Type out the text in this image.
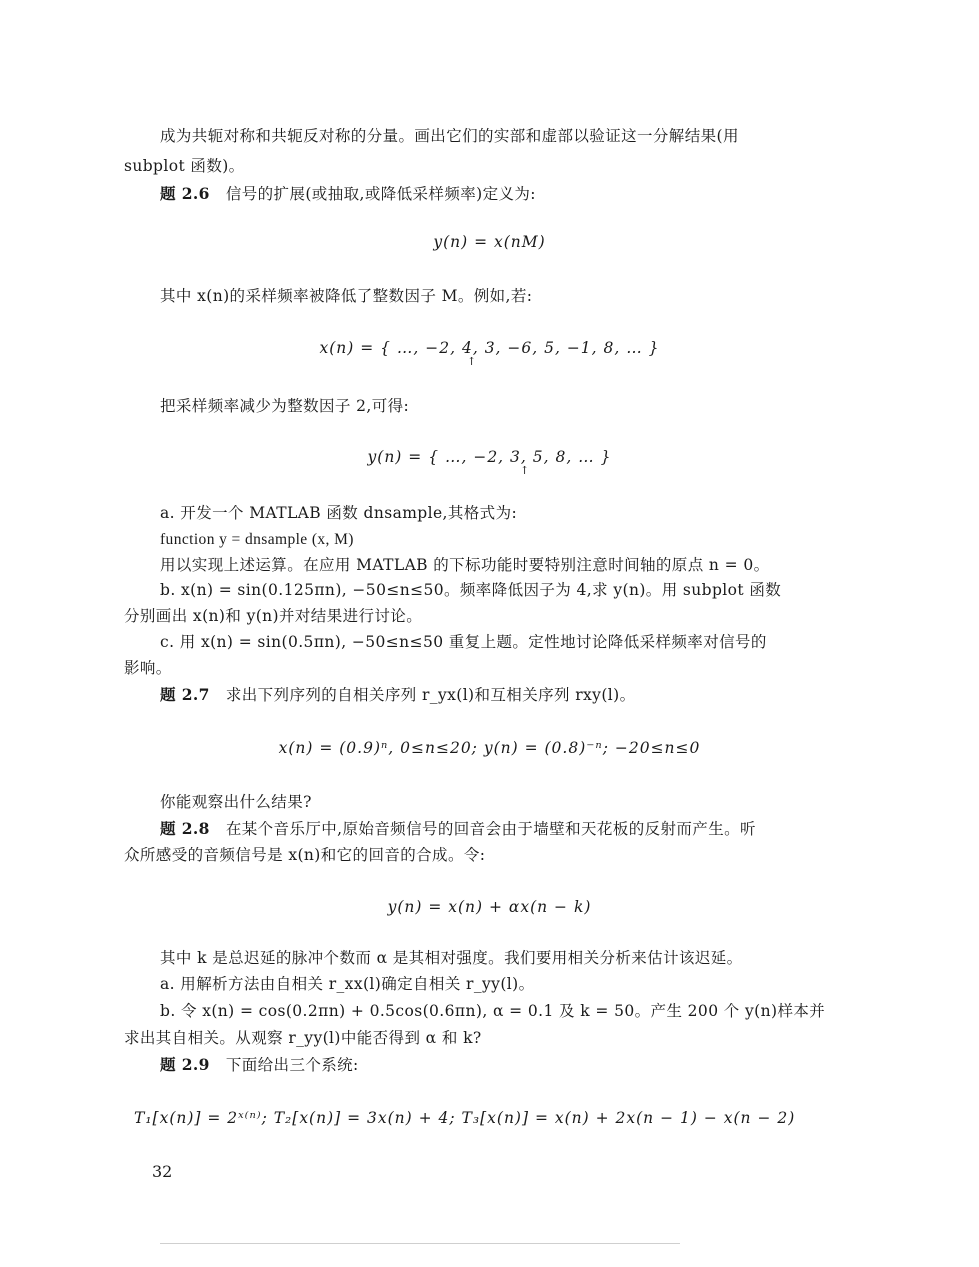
成为共轭对称和共轭反对称的分量。画出它们的实部和虚部以验证这一分解结果(用
subplot 函数)。
题 2.6 信号的扩展(或抽取,或降低采样频率)定义为:
y(n) = x(nM)
其中 x(n)的采样频率被降低了整数因子 M。例如,若:
x(n) = { …, −2, 4, 3, −6, 5, −1, 8, … }
↑
把采样频率减少为整数因子 2,可得:
y(n) = { …, −2, 3, 5, 8, … }
↑
a. 开发一个 MATLAB 函数 dnsample,其格式为:
function y = dnsample (x, M)
用以实现上述运算。在应用 MATLAB 的下标功能时要特别注意时间轴的原点 n = 0。
b. x(n) = sin(0.125πn), −50≤n≤50。频率降低因子为 4,求 y(n)。用 subplot 函数
分别画出 x(n)和 y(n)并对结果进行讨论。
c. 用 x(n) = sin(0.5πn), −50≤n≤50 重复上题。定性地讨论降低采样频率对信号的
影响。
题 2.7 求出下列序列的自相关序列 r_yx(l)和互相关序列 rxy(l)。
x(n) = (0.9)ⁿ, 0≤n≤20; y(n) = (0.8)⁻ⁿ; −20≤n≤0
你能观察出什么结果?
题 2.8 在某个音乐厅中,原始音频信号的回音会由于墙壁和天花板的反射而产生。听
众所感受的音频信号是 x(n)和它的回音的合成。令:
y(n) = x(n) + αx(n − k)
其中 k 是总迟延的脉冲个数而 α 是其相对强度。我们要用相关分析来估计该迟延。
a. 用解析方法由自相关 r_xx(l)确定自相关 r_yy(l)。
b. 令 x(n) = cos(0.2πn) + 0.5cos(0.6πn), α = 0.1 及 k = 50。产生 200 个 y(n)样本并
求出其自相关。从观察 r_yy(l)中能否得到 α 和 k?
题 2.9 下面给出三个系统:
T₁[x(n)] = 2ˣ⁽ⁿ⁾; T₂[x(n)] = 3x(n) + 4; T₃[x(n)] = x(n) + 2x(n − 1) − x(n − 2)
32
